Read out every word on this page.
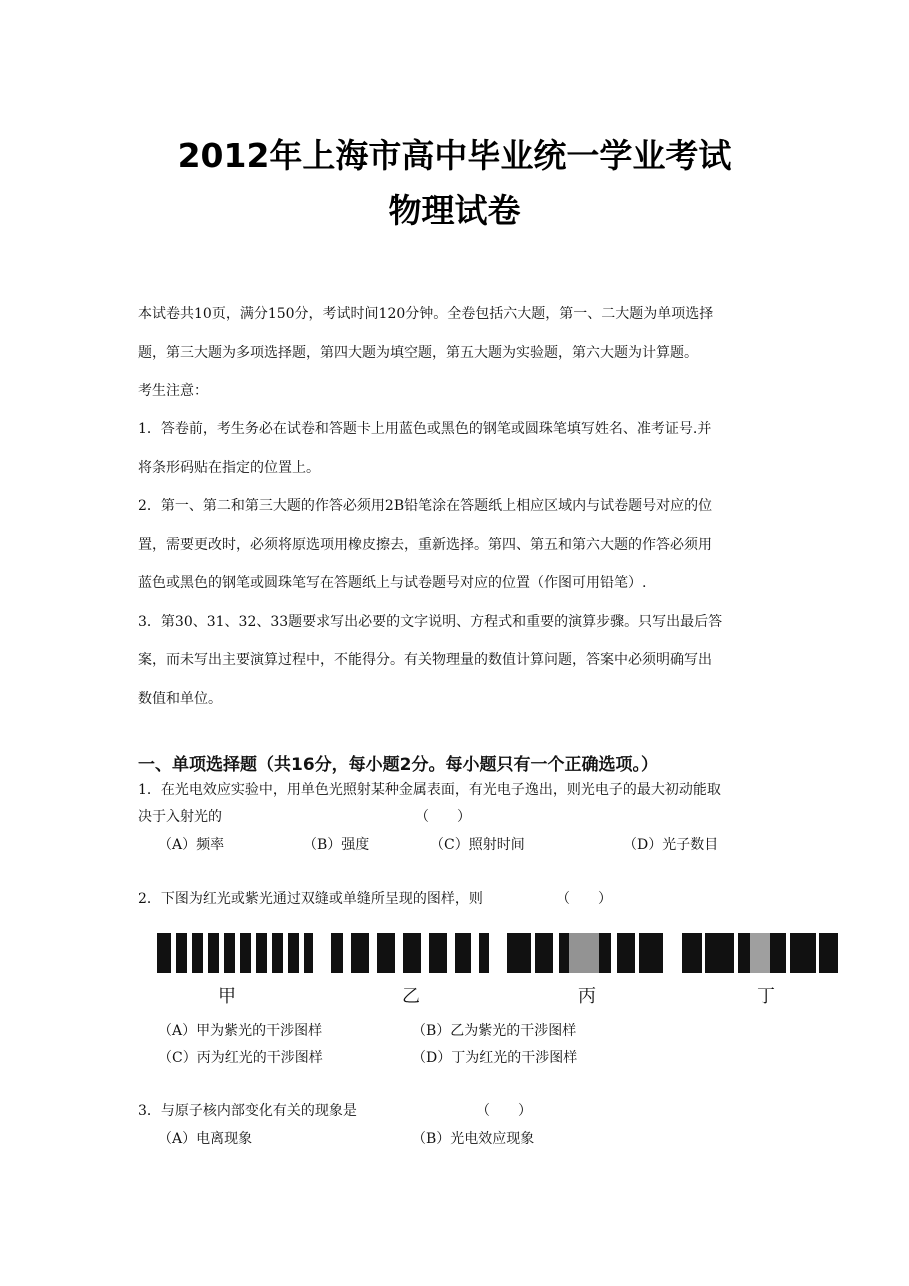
2012年上海市高中毕业统一学业考试
物理试卷
本试卷共10页，满分150分，考试时间120分钟。全卷包括六大题，第一、二大题为单项选择
题，第三大题为多项选择题，第四大题为填空题，第五大题为实验题，第六大题为计算题。
考生注意：
1．答卷前，考生务必在试卷和答题卡上用蓝色或黑色的钢笔或圆珠笔填写姓名、准考证号.并
将条形码贴在指定的位置上。
2．第一、第二和第三大题的作答必须用2B铅笔涂在答题纸上相应区域内与试卷题号对应的位
置，需要更改时，必须将原选项用橡皮擦去，重新选择。第四、第五和第六大题的作答必须用
蓝色或黑色的钢笔或圆珠笔写在答题纸上与试卷题号对应的位置（作图可用铅笔）.
3．第30、31、32、33题要求写出必要的文字说明、方程式和重要的演算步骤。只写出最后答
案，而未写出主要演算过程中，不能得分。有关物理量的数值计算问题，答案中必须明确写出
数值和单位。
一、单项选择题（共16分，每小题2分。每小题只有一个正确选项。）
1．在光电效应实验中，用单色光照射某种金属表面，有光电子逸出，则光电子的最大初动能取
决于入射光的	（　　）
（A）频率	（B）强度	（C）照射时间	（D）光子数目
2．下图为红光或紫光通过双缝或单缝所呈现的图样，则	（　　）
甲	乙	丙	丁
（A）甲为紫光的干涉图样	（B）乙为紫光的干涉图样
（C）丙为红光的干涉图样	（D）丁为红光的干涉图样
3．与原子核内部变化有关的现象是	（　　）
（A）电离现象	（B）光电效应现象
